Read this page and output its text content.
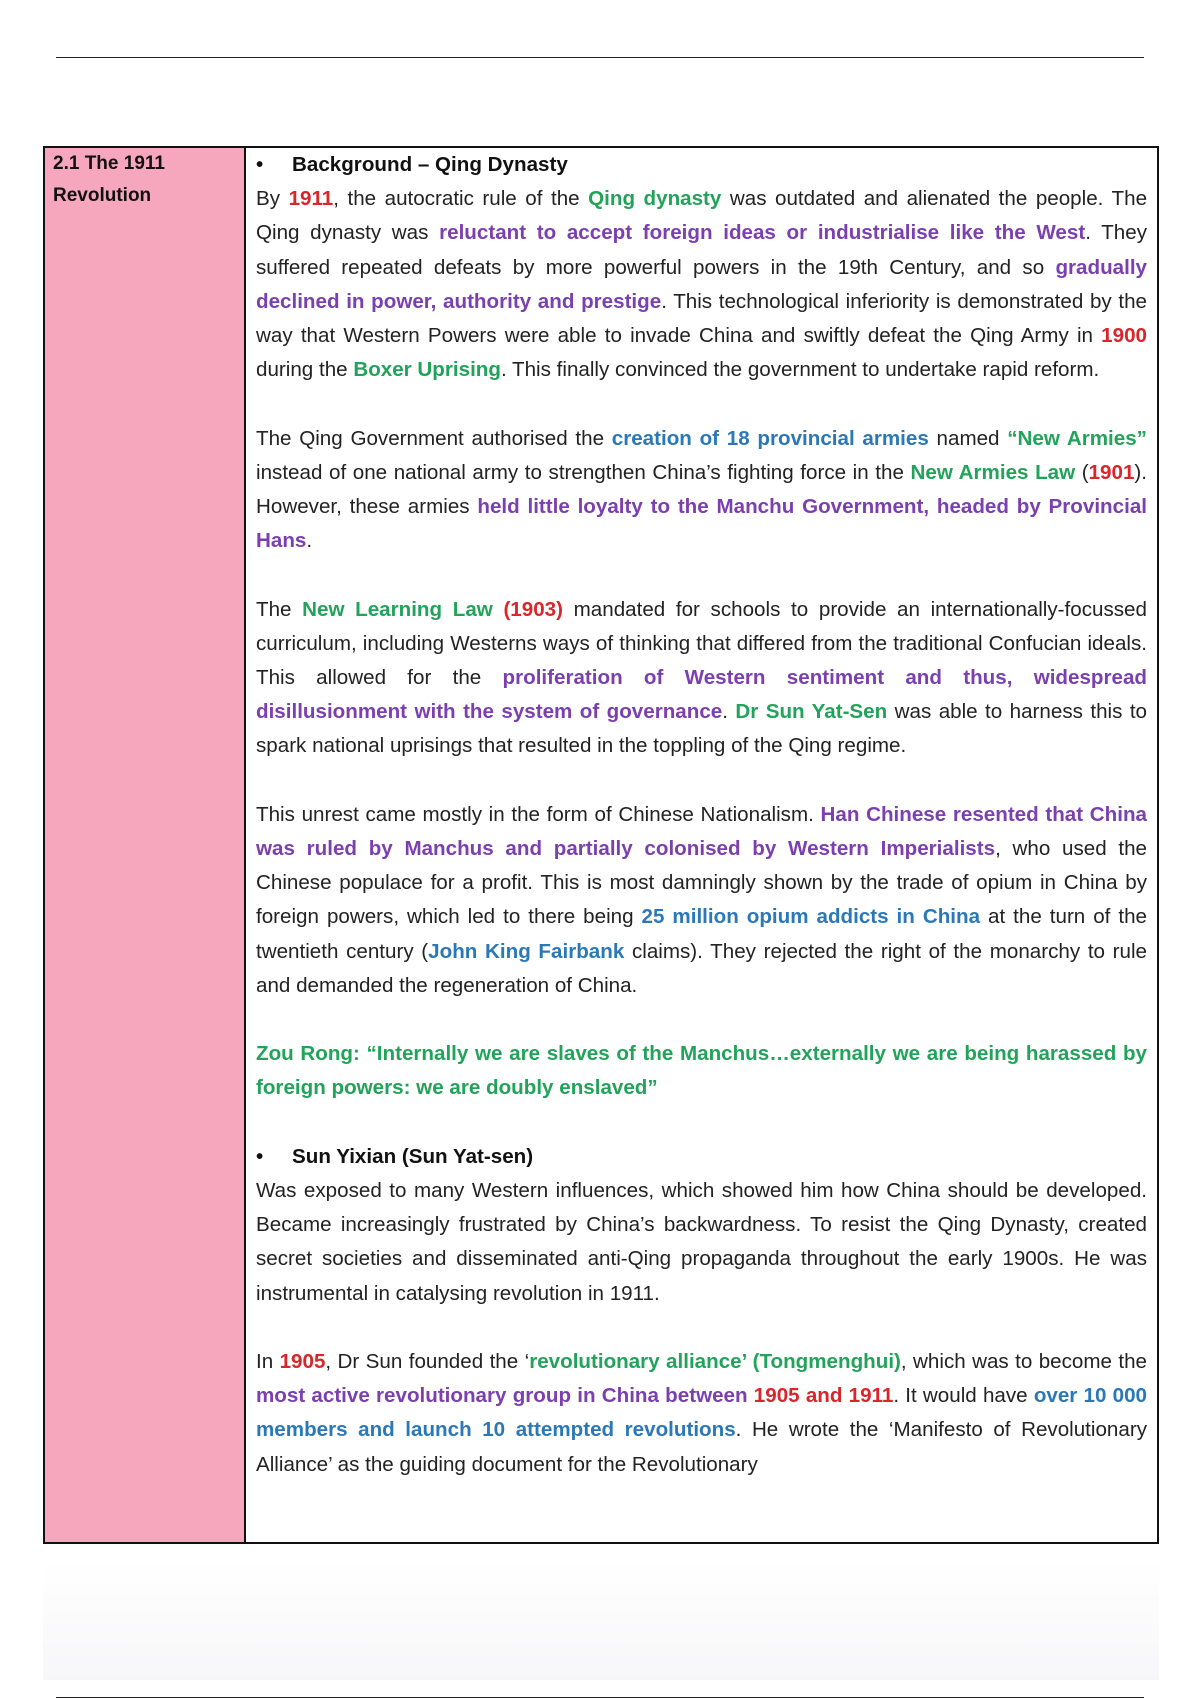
2.1 The 1911
Revolution
• Background – Qing Dynasty

By 1911, the autocratic rule of the Qing dynasty was outdated and alienated the people. The Qing dynasty was reluctant to accept foreign ideas or industrialise like the West. They suffered repeated defeats by more powerful powers in the 19th Century, and so gradually declined in power, authority and prestige. This technological inferiority is demonstrated by the way that Western Powers were able to invade China and swiftly defeat the Qing Army in 1900 during the Boxer Uprising. This finally convinced the government to undertake rapid reform.

The Qing Government authorised the creation of 18 provincial armies named “New Armies” instead of one national army to strengthen China’s fighting force in the New Armies Law (1901). However, these armies held little loyalty to the Manchu Government, headed by Provincial Hans.

The New Learning Law (1903) mandated for schools to provide an internationally-focussed curriculum, including Westerns ways of thinking that differed from the traditional Confucian ideals. This allowed for the proliferation of Western sentiment and thus, widespread disillusionment with the system of governance. Dr Sun Yat-Sen was able to harness this to spark national uprisings that resulted in the toppling of the Qing regime.

This unrest came mostly in the form of Chinese Nationalism. Han Chinese resented that China was ruled by Manchus and partially colonised by Western Imperialists, who used the Chinese populace for a profit. This is most damningly shown by the trade of opium in China by foreign powers, which led to there being 25 million opium addicts in China at the turn of the twentieth century (John King Fairbank claims). They rejected the right of the monarchy to rule and demanded the regeneration of China.

Zou Rong: “Internally we are slaves of the Manchus…externally we are being harassed by foreign powers: we are doubly enslaved”

• Sun Yixian (Sun Yat-sen)

Was exposed to many Western influences, which showed him how China should be developed. Became increasingly frustrated by China’s backwardness. To resist the Qing Dynasty, created secret societies and disseminated anti-Qing propaganda throughout the early 1900s. He was instrumental in catalysing revolution in 1911.

In 1905, Dr Sun founded the ‘revolutionary alliance’ (Tongmenghui), which was to become the most active revolutionary group in China between 1905 and 1911. It would have over 10 000 members and launch 10 attempted revolutions. He wrote the ‘Manifesto of Revolutionary Alliance’ as the guiding document for the Revolutionary
